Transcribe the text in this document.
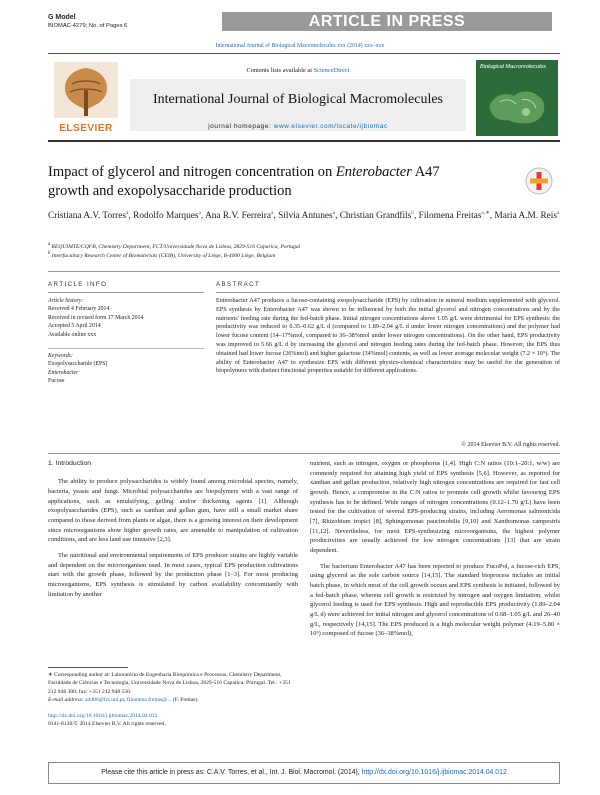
G Model
BIOMAC-4279; No. of Pages 6	ARTICLE IN PRESS
International Journal of Biological Macromolecules xxx (2014) xxx–xxx
ELSEVIER
Contents lists available at ScienceDirect
International Journal of Biological Macromolecules
journal homepage: www.elsevier.com/locate/ijbiomac
Biological Macromolecules
Impact of glycerol and nitrogen concentration on Enterobacter A47 growth and exopolysaccharide production
Cristiana A.V. Torres$^a$, Rodolfo Marques$^a$, Ana R.V. Ferreira$^a$, Sílvia Antunes$^a$, Christian Grandfils$^b$, Filomena Freitas$^{a,∗}$, Maria A.M. Reis$^a$
$^a$ REQUIMTE/CQFB, Chemistry Department, FCT/Universidade Nova de Lisboa, 2829-516 Caparica, Portugal
$^b$ Interfacultary Research Center of Biomaterials (CEIB), University of Liège, B-4000 Liège, Belgium
ARTICLE INFO	ABSTRACT
Article history:
Received 4 February 2014
Received in revised form 17 March 2014
Accepted 5 April 2014
Available online xxx
Keywords:
Exopolysaccharide (EPS)
Enterobacter
Fucose
Enterobacter A47 produces a fucose-containing exopolysaccharide (EPS) by cultivation in mineral medium supplemented with glycerol. EPS synthesis by Enterobacter A47 was shown to be influenced by both the initial glycerol and nitrogen concentrations and by the nutrients' feeding rate during the fed-batch phase. Initial nitrogen concentrations above 1.05 g/L were detrimental for EPS synthesis: the productivity was reduced to 0.35–0.62 g/L d (compared to 1.89–2.04 g/L d under lower nitrogen concentrations) and the polymer had lower fucose content (14–17%mol, compared to 36–38%mol under lower nitrogen concentrations). On the other hand, EPS productivity was improved to 5.66 g/L d by increasing the glycerol and nitrogen feeding rates during the fed-batch phase. However, the EPS thus obtained had lower fucose (26%mol) and higher galactose (34%mol) contents, as well as lower average molecular weight (7.2 × 10⁵). The ability of Enterobacter A47 to synthesize EPS with different physico-chemical characteristics may be useful for the generation of biopolymers with distinct functional properties suitable for different applications.
© 2014 Elsevier B.V. All rights reserved.
1. Introduction
The ability to produce polysaccharides is widely found among microbial species, namely, bacteria, yeasts and fungi. Microbial polysaccharides are biopolymers with a vast range of applications, such as emulsifying, gelling and/or thickening agents [1]. Although exopolysaccharides (EPS), such as xanthan and gellan gum, have still a small market share compared to those derived from plants or algae, there is a growing interest on their development since microorganisms show higher growth rates, are amenable to manipulation of cultivation conditions, and are less land use intensive [2,3].
The nutritional and environmental requirements of EPS producer strains are highly variable and dependent on the microorganism used. In most cases, typical EPS production cultivations start with the growth phase, followed by the production phase [1–3]. For most producing microorganisms, EPS synthesis is stimulated by carbon availability concomitantly with limitation by another
nutrient, such as nitrogen, oxygen or phosphorus [1,4]. High C:N ratios (10:1–20:1, w/w) are commonly required for attaining high yield of EPS synthesis [5,6]. However, as reported for xanthan and gellan production, relatively high nitrogen concentrations are required for fast cell growth. Hence, a compromise in the C:N ratios to promote cell growth whilst favouring EPS synthesis has to be defined. Wide ranges of nitrogen concentrations (0.12–1.70 g/L) have been tested for the cultivation of several EPS-producing strains, including Aeromonas salmonicida [7], Rhizobium tropici [8], Sphingomonas paucimobilis [9,10] and Xanthomonas campestris [11,12]. Nevertheless, for most EPS-synthesizing microorganisms, the highest polymer productivities are usually achieved for low nitrogen concentrations [13] that are strain dependent.
The bacterium Enterobacter A47 has been reported to produce FucoPol, a fucose-rich EPS, using glycerol as the sole carbon source [14,15]. The standard bioprocess includes an initial batch phase, in which most of the cell growth occurs and EPS synthesis is initiated, followed by a fed-batch phase, wherein cell growth is restricted by nitrogen and oxygen limitation, whilst glycerol feeding is used for EPS synthesis. High and reproducible EPS productivity (1.89–2.04 g/L d) were achieved for initial nitrogen and glycerol concentrations of 0.68–1.05 g/L and 26–40 g/L, respectively [14,15]. The EPS produced is a high molecular weight polymer (4.19–5.80 × 10⁶) composed of fucose (36–38%mol),
∗ Corresponding author at: Laboratório de Engenharia Bioquímica e Processos, Chemistry Department, Faculdade de Ciências e Tecnologia, Universidade Nova de Lisboa, 2829-516 Caparica, Portugal. Tel.: +351 212 948 300; fax: +351 212 948 550.
E-mail address: a4406@fct.unl.pt, filomena.freitas@... (F. Freitas).
http://dx.doi.org/10.1016/j.ijbiomac.2014.04.012
0141-8130/© 2014 Elsevier B.V. All rights reserved.
Please cite this article in press as: C.A.V. Torres, et al., Int. J. Biol. Macromol. (2014), http://dx.doi.org/10.1016/j.ijbiomac.2014.04.012
